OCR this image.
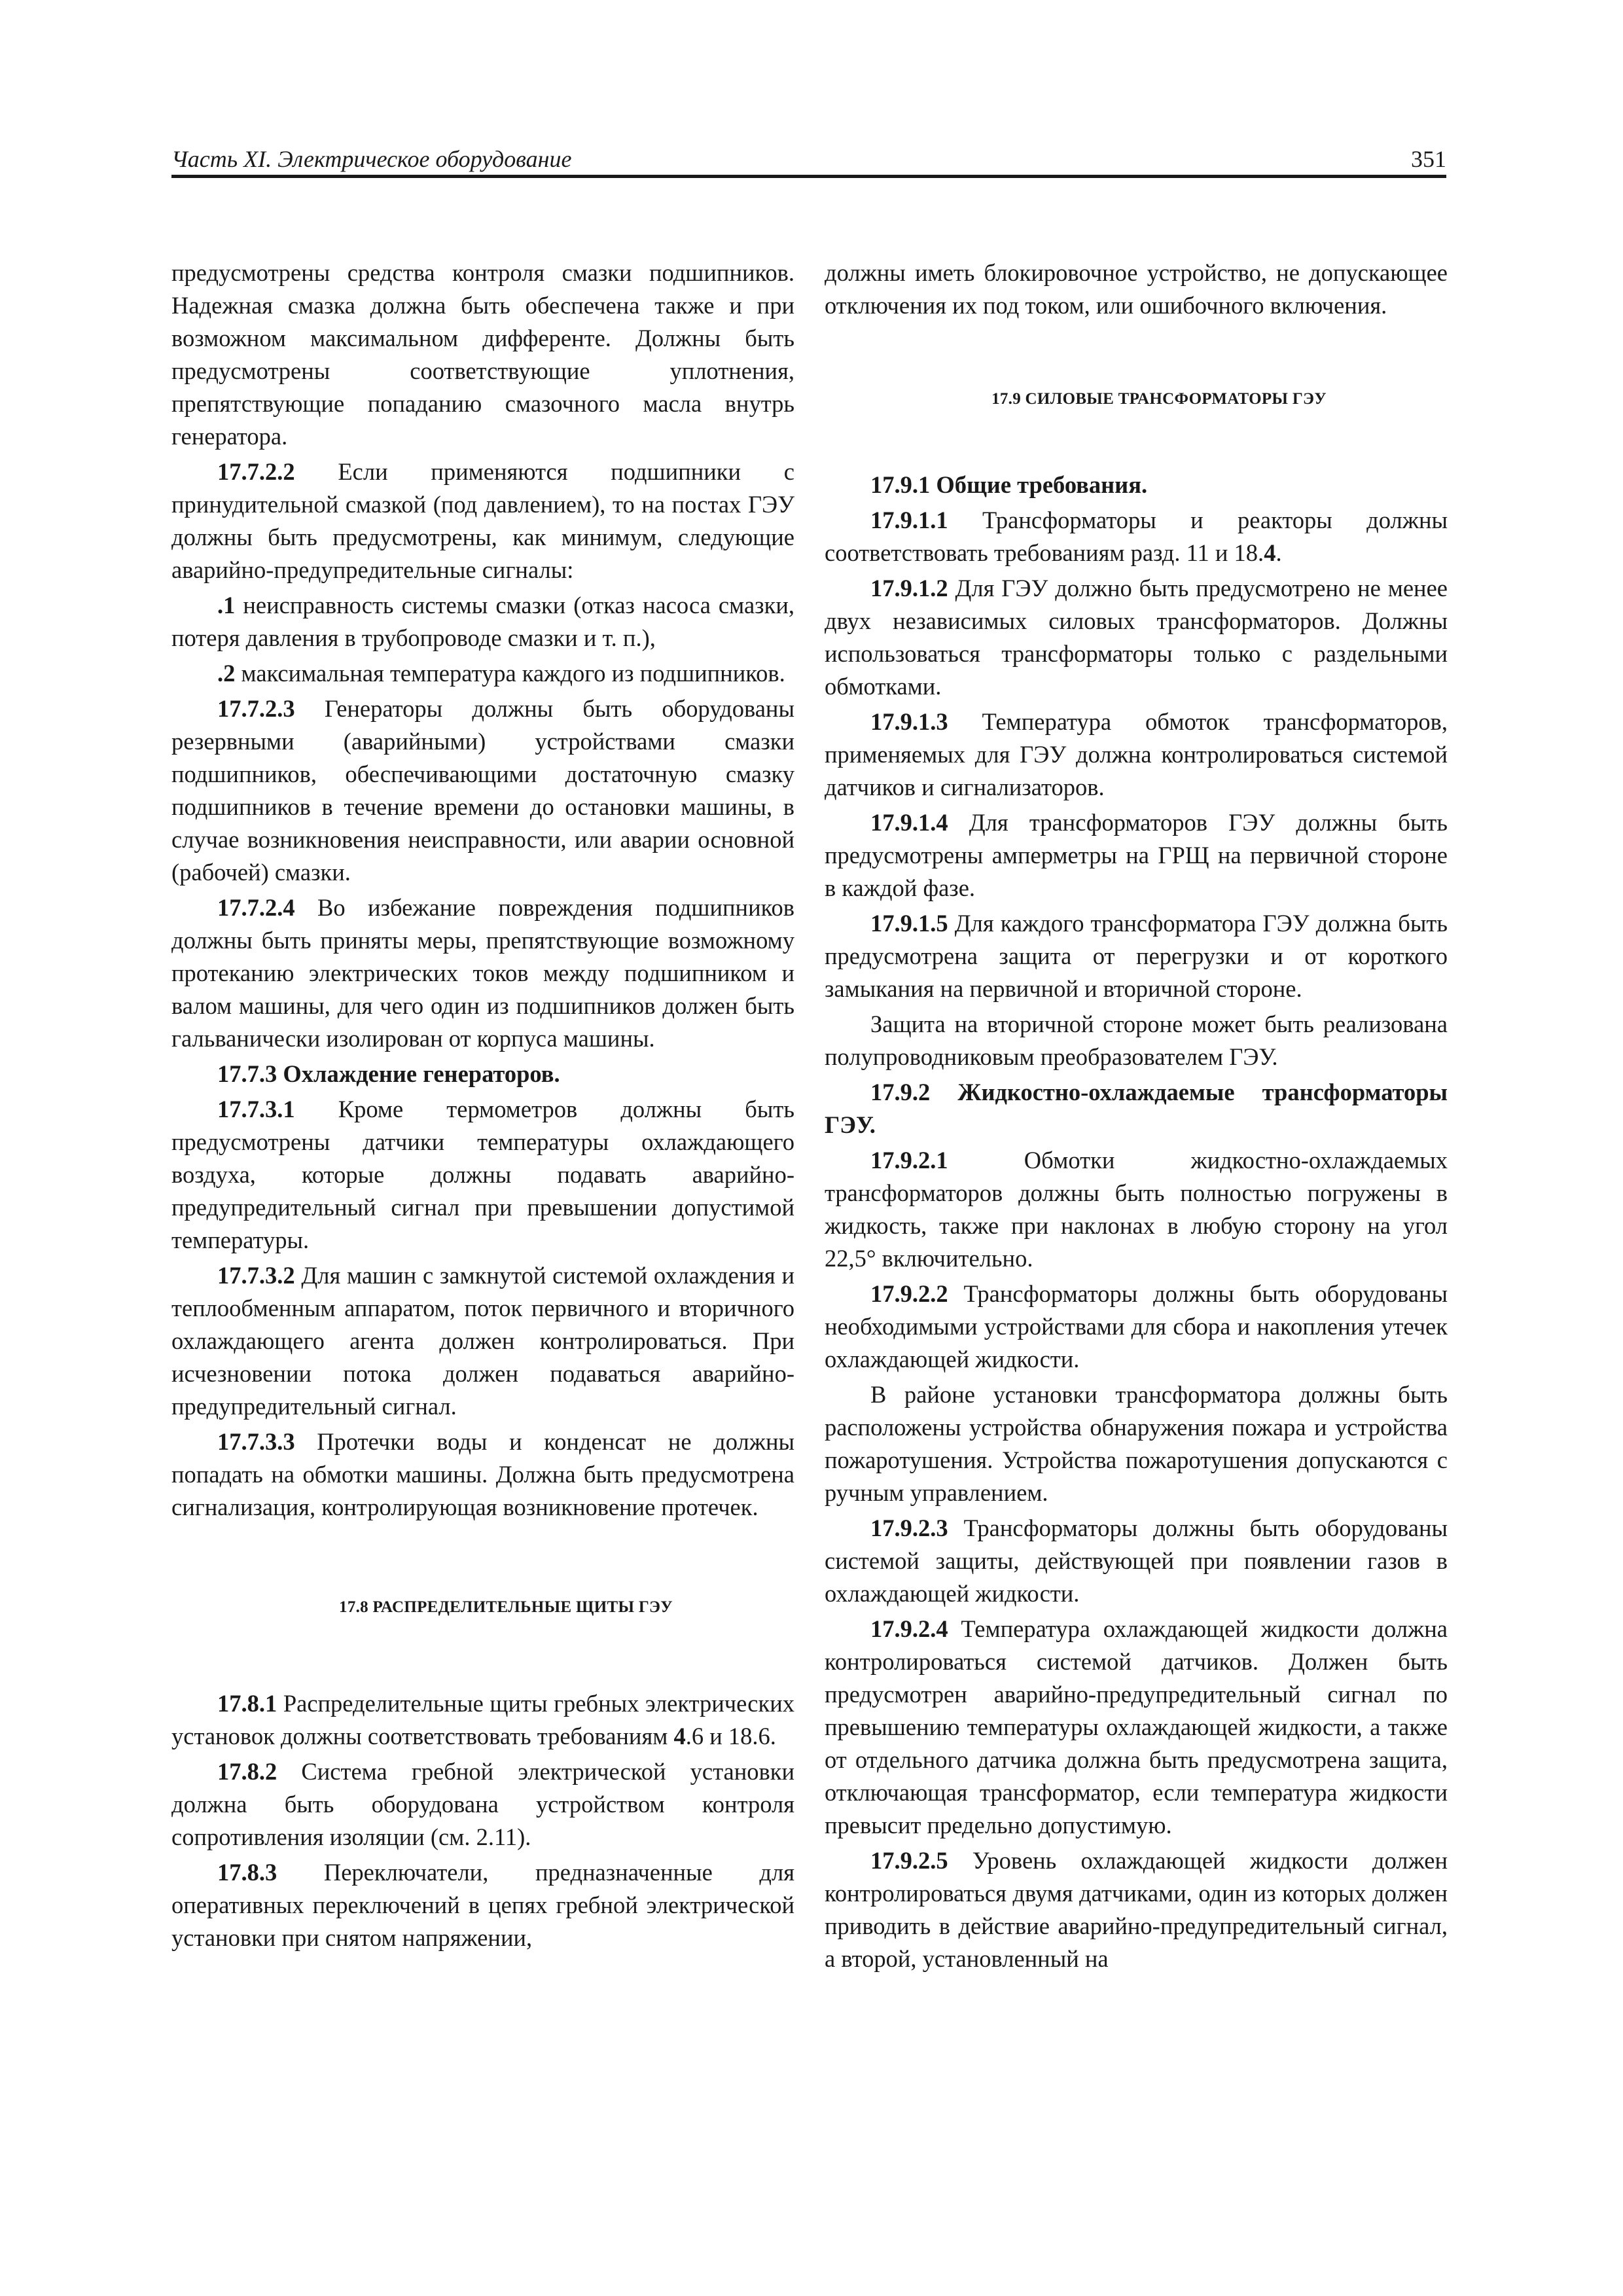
Часть XI. Электрическое оборудование	351

предусмотрены средства контроля смазки подшипников. Надежная смазка должна быть обеспечена также и при возможном максимальном дифференте. Должны быть предусмотрены соответствующие уплотнения, препятствующие попаданию смазочного масла внутрь генератора.

17.7.2.2 Если применяются подшипники с принудительной смазкой (под давлением), то на постах ГЭУ должны быть предусмотрены, как минимум, следующие аварийно-предупредительные сигналы:

.1 неисправность системы смазки (отказ насоса смазки, потеря давления в трубопроводе смазки и т. п.),

.2 максимальная температура каждого из подшипников.

17.7.2.3 Генераторы должны быть оборудованы резервными (аварийными) устройствами смазки подшипников, обеспечивающими достаточную смазку подшипников в течение времени до остановки машины, в случае возникновения неисправности, или аварии основной (рабочей) смазки.

17.7.2.4 Во избежание повреждения подшипников должны быть приняты меры, препятствующие возможному протеканию электрических токов между подшипником и валом машины, для чего один из подшипников должен быть гальванически изолирован от корпуса машины.

17.7.3 Охлаждение генераторов.

17.7.3.1 Кроме термометров должны быть предусмотрены датчики температуры охлаждающего воздуха, которые должны подавать аварийно-предупредительный сигнал при превышении допустимой температуры.

17.7.3.2 Для машин с замкнутой системой охлаждения и теплообменным аппаратом, поток первичного и вторичного охлаждающего агента должен контролироваться. При исчезновении потока должен подаваться аварийно-предупредительный сигнал.

17.7.3.3 Протечки воды и конденсат не должны попадать на обмотки машины. Должна быть предусмотрена сигнализация, контролирующая возникновение протечек.

17.8 РАСПРЕДЕЛИТЕЛЬНЫЕ ЩИТЫ ГЭУ

17.8.1 Распределительные щиты гребных электрических установок должны соответствовать требованиям 4.6 и 18.6.

17.8.2 Система гребной электрической установки должна быть оборудована устройством контроля сопротивления изоляции (см. 2.11).

17.8.3 Переключатели, предназначенные для оперативных переключений в цепях гребной электрической установки при снятом напряжении,

должны иметь блокировочное устройство, не допускающее отключения их под током, или ошибочного включения.

17.9 СИЛОВЫЕ ТРАНСФОРМАТОРЫ ГЭУ

17.9.1 Общие требования.

17.9.1.1 Трансформаторы и реакторы должны соответствовать требованиям разд. 11 и 18.4.

17.9.1.2 Для ГЭУ должно быть предусмотрено не менее двух независимых силовых трансформаторов. Должны использоваться трансформаторы только с раздельными обмотками.

17.9.1.3 Температура обмоток трансформаторов, применяемых для ГЭУ должна контролироваться системой датчиков и сигнализаторов.

17.9.1.4 Для трансформаторов ГЭУ должны быть предусмотрены амперметры на ГРЩ на первичной стороне в каждой фазе.

17.9.1.5 Для каждого трансформатора ГЭУ должна быть предусмотрена защита от перегрузки и от короткого замыкания на первичной и вторичной стороне.

Защита на вторичной стороне может быть реализована полупроводниковым преобразователем ГЭУ.

17.9.2 Жидкостно-охлаждаемые трансформаторы ГЭУ.

17.9.2.1 Обмотки жидкостно-охлаждаемых трансформаторов должны быть полностью погружены в жидкость, также при наклонах в любую сторону на угол 22,5° включительно.

17.9.2.2 Трансформаторы должны быть оборудованы необходимыми устройствами для сбора и накопления утечек охлаждающей жидкости.

В районе установки трансформатора должны быть расположены устройства обнаружения пожара и устройства пожаротушения. Устройства пожаротушения допускаются с ручным управлением.

17.9.2.3 Трансформаторы должны быть оборудованы системой защиты, действующей при появлении газов в охлаждающей жидкости.

17.9.2.4 Температура охлаждающей жидкости должна контролироваться системой датчиков. Должен быть предусмотрен аварийно-предупредительный сигнал по превышению температуры охлаждающей жидкости, а также от отдельного датчика должна быть предусмотрена защита, отключающая трансформатор, если температура жидкости превысит предельно допустимую.

17.9.2.5 Уровень охлаждающей жидкости должен контролироваться двумя датчиками, один из которых должен приводить в действие аварийно-предупредительный сигнал, а второй, установленный на
